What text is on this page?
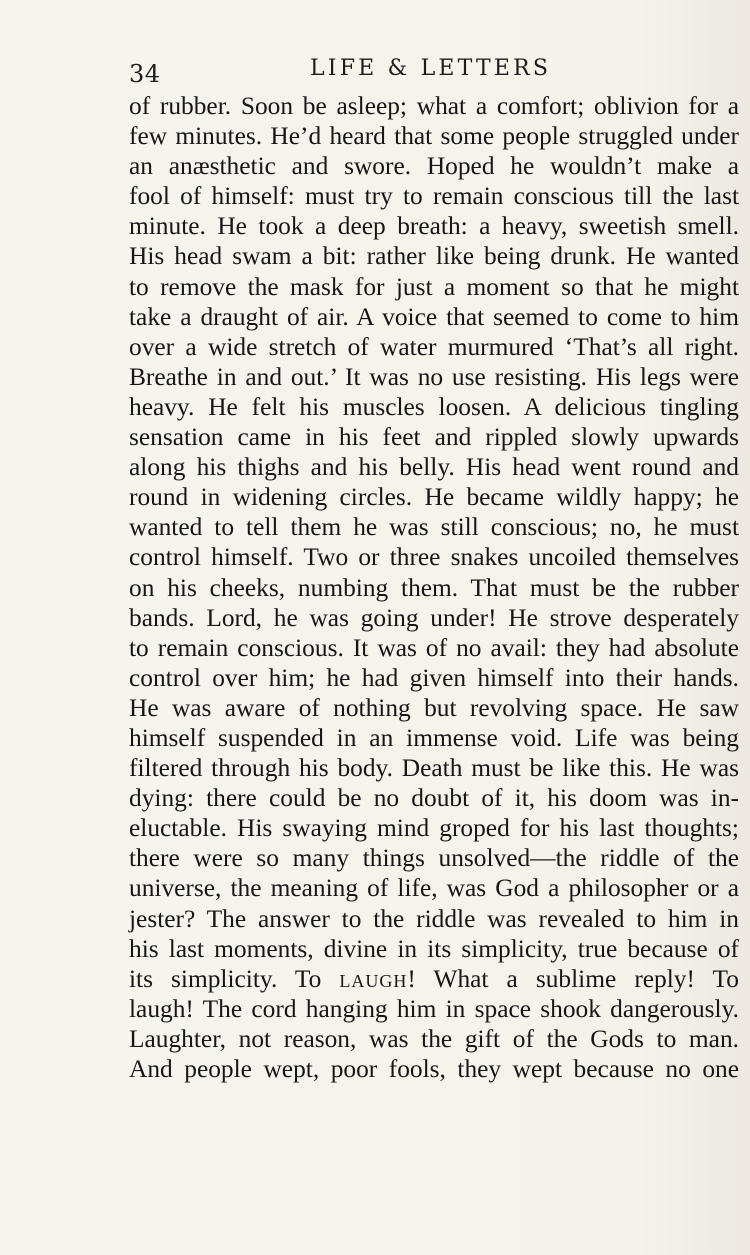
34	LIFE & LETTERS
of rubber. Soon be asleep; what a comfort; oblivion for a
few minutes. He’d heard that some people struggled under
an anæsthetic and swore. Hoped he wouldn’t make a
fool of himself: must try to remain conscious till the last
minute. He took a deep breath: a heavy, sweetish smell.
His head swam a bit: rather like being drunk. He wanted
to remove the mask for just a moment so that he might
take a draught of air. A voice that seemed to come to him
over a wide stretch of water murmured ‘That’s all right.
Breathe in and out.’ It was no use resisting. His legs were
heavy. He felt his muscles loosen. A delicious tingling
sensation came in his feet and rippled slowly upwards
along his thighs and his belly. His head went round and
round in widening circles. He became wildly happy; he
wanted to tell them he was still conscious; no, he must
control himself. Two or three snakes uncoiled themselves
on his cheeks, numbing them. That must be the rubber
bands. Lord, he was going under! He strove desperately
to remain conscious. It was of no avail: they had absolute
control over him; he had given himself into their hands.
He was aware of nothing but revolving space. He saw
himself suspended in an immense void. Life was being
filtered through his body. Death must be like this. He was
dying: there could be no doubt of it, his doom was in-
eluctable. His swaying mind groped for his last thoughts;
there were so many things unsolved—the riddle of the
universe, the meaning of life, was God a philosopher or a
jester? The answer to the riddle was revealed to him in
his last moments, divine in its simplicity, true because of
its simplicity. To laugh! What a sublime reply! To
laugh! The cord hanging him in space shook dangerously.
Laughter, not reason, was the gift of the Gods to man.
And people wept, poor fools, they wept because no one
